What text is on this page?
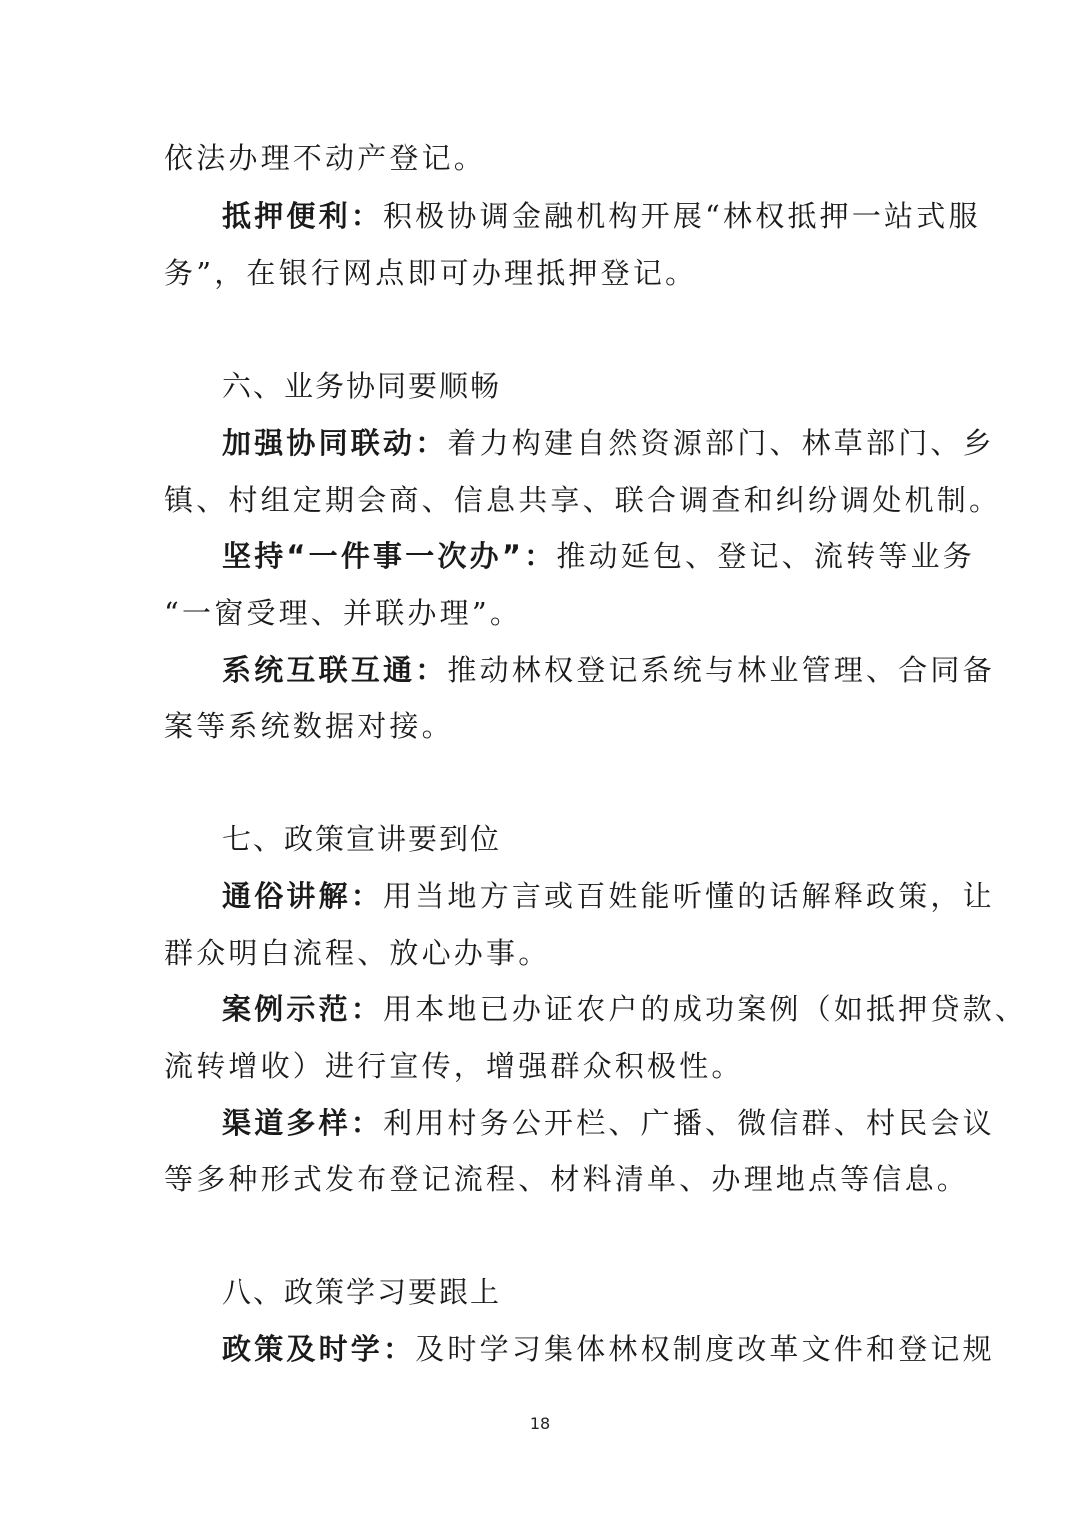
依法办理不动产登记。
抵押便利：积极协调金融机构开展“林权抵押一站式服
务”，在银行网点即可办理抵押登记。
六、业务协同要顺畅
加强协同联动：着力构建自然资源部门、林草部门、乡
镇、村组定期会商、信息共享、联合调查和纠纷调处机制。
坚持“一件事一次办”：推动延包、登记、流转等业务
“一窗受理、并联办理”。
系统互联互通：推动林权登记系统与林业管理、合同备
案等系统数据对接。
七、政策宣讲要到位
通俗讲解：用当地方言或百姓能听懂的话解释政策，让
群众明白流程、放心办事。
案例示范：用本地已办证农户的成功案例（如抵押贷款、
流转增收）进行宣传，增强群众积极性。
渠道多样：利用村务公开栏、广播、微信群、村民会议
等多种形式发布登记流程、材料清单、办理地点等信息。
八、政策学习要跟上
政策及时学：及时学习集体林权制度改革文件和登记规
18
